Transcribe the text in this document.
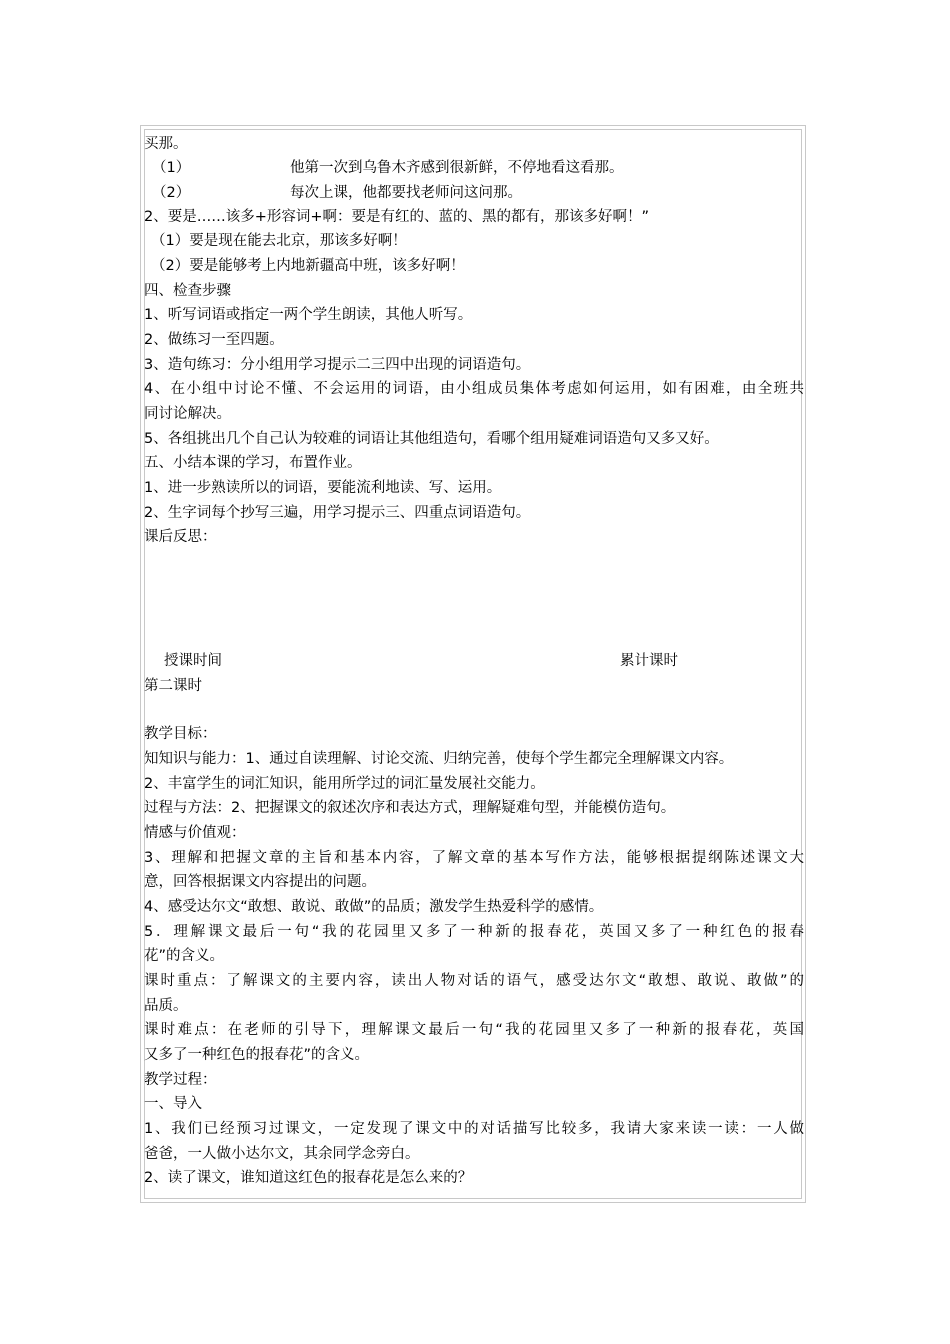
买那。
（1）	他第一次到乌鲁木齐感到很新鲜，不停地看这看那。
（2）	每次上课，他都要找老师问这问那。
2、要是……该多+形容词+啊：要是有红的、蓝的、黑的都有，那该多好啊！”
（1）要是现在能去北京，那该多好啊！
（2）要是能够考上内地新疆高中班，该多好啊！
四、检查步骤
1、听写词语或指定一两个学生朗读，其他人听写。
2、做练习一至四题。
3、造句练习：分小组用学习提示二三四中出现的词语造句。
4、在小组中讨论不懂、不会运用的词语，由小组成员集体考虑如何运用，如有困难，由全班共
同讨论解决。
5、各组挑出几个自己认为较难的词语让其他组造句，看哪个组用疑难词语造句又多又好。
五、小结本课的学习，布置作业。
1、进一步熟读所以的词语，要能流利地读、写、运用。
2、生字词每个抄写三遍，用学习提示三、四重点词语造句。
课后反思：
授课时间	累计课时
第二课时
教学目标：
知知识与能力：1、通过自读理解、讨论交流、归纳完善，使每个学生都完全理解课文内容。
2、丰富学生的词汇知识，能用所学过的词汇量发展社交能力。
过程与方法：2、把握课文的叙述次序和表达方式，理解疑难句型，并能模仿造句。
情感与价值观：
3、理解和把握文章的主旨和基本内容，了解文章的基本写作方法，能够根据提纲陈述课文大
意，回答根据课文内容提出的问题。
4、感受达尔文“敢想、敢说、敢做”的品质；激发学生热爱科学的感情。
5．理解课文最后一句“我的花园里又多了一种新的报春花，英国又多了一种红色的报春
花”的含义。
课时重点：了解课文的主要内容，读出人物对话的语气，感受达尔文“敢想、敢说、敢做”的
品质。
课时难点：在老师的引导下，理解课文最后一句“我的花园里又多了一种新的报春花，英国
又多了一种红色的报春花”的含义。
教学过程：
一、导入
1、我们已经预习过课文，一定发现了课文中的对话描写比较多，我请大家来读一读：一人做
爸爸，一人做小达尔文，其余同学念旁白。
2、读了课文，谁知道这红色的报春花是怎么来的？
